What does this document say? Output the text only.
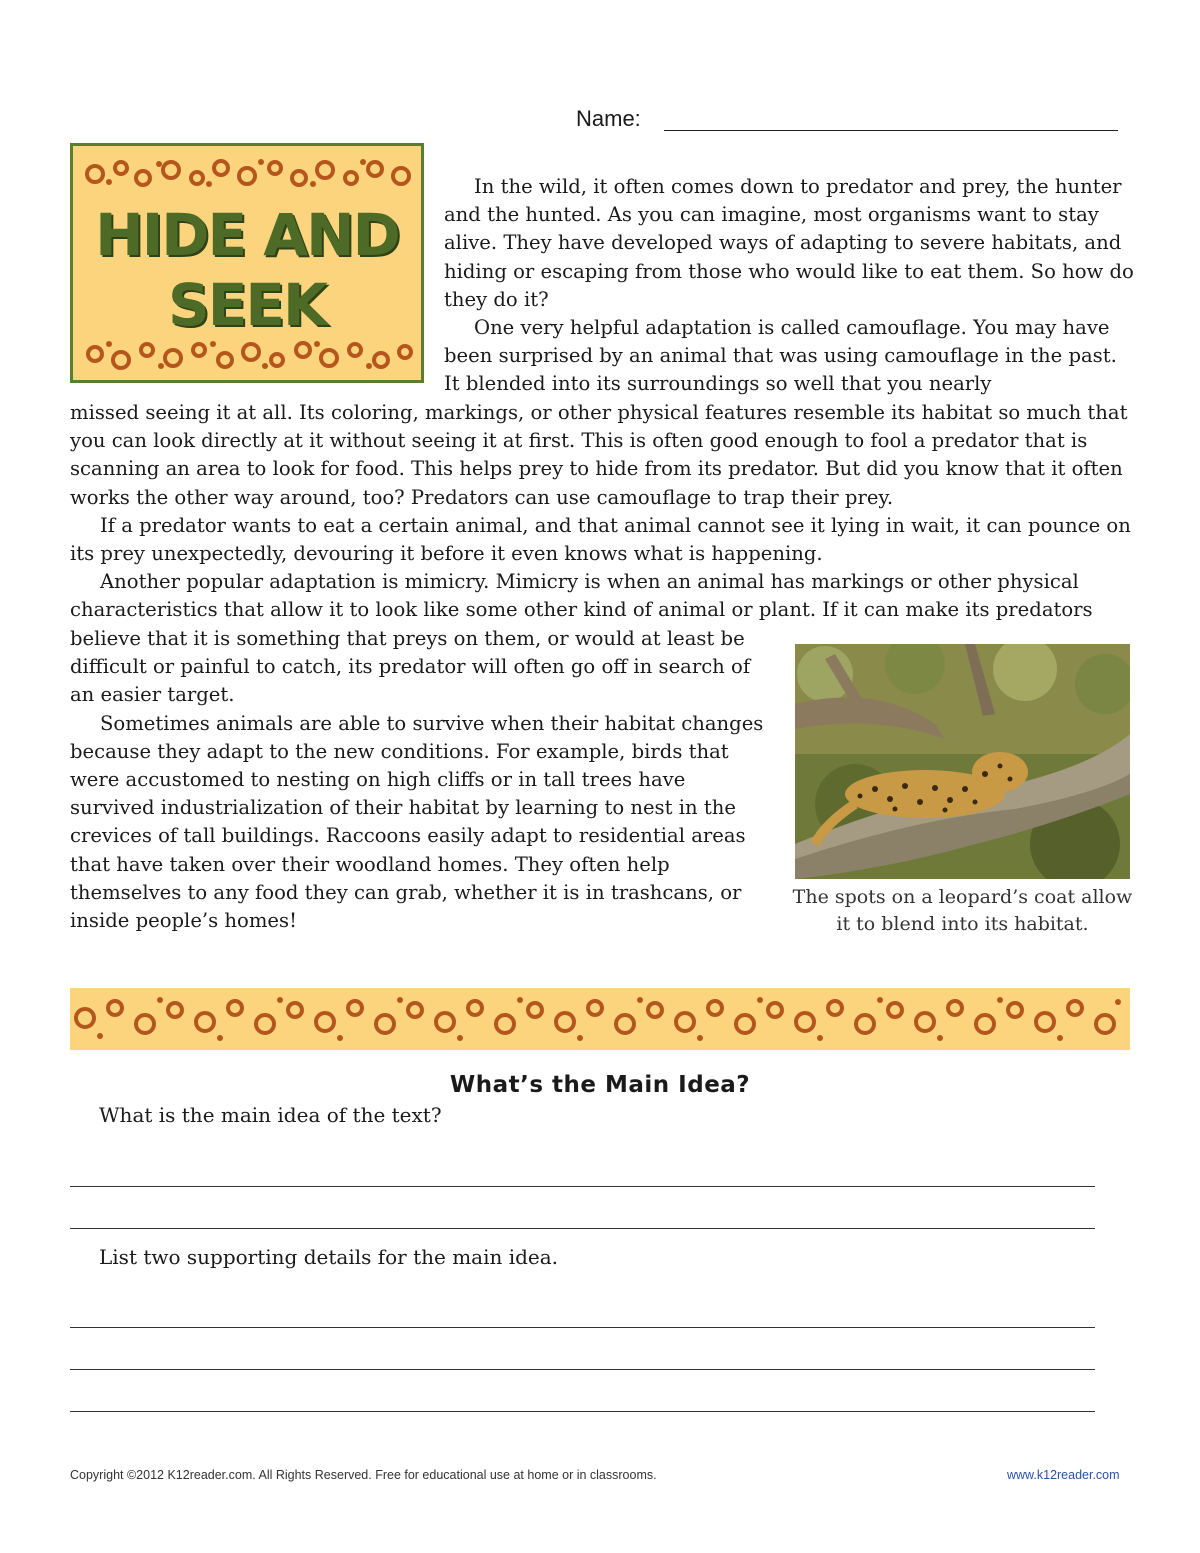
Name:
HIDE AND
SEEK

In the wild, it often comes down to predator and prey, the hunter and the hunted. As you can imagine, most organisms want to stay alive. They have developed ways of adapting to severe habitats, and hiding or escaping from those who would like to eat them. So how do they do it?

One very helpful adaptation is called camouflage. You may have been surprised by an animal that was using camouflage in the past. It blended into its surroundings so well that you nearly

missed seeing it at all. Its coloring, markings, or other physical features resemble its habitat so much that you can look directly at it without seeing it at first. This is often good enough to fool a predator that is scanning an area to look for food. This helps prey to hide from its predator. But did you know that it often works the other way around, too? Predators can use camouflage to trap their prey.

If a predator wants to eat a certain animal, and that animal cannot see it lying in wait, it can pounce on its prey unexpectedly, devouring it before it even knows what is happening.

Another popular adaptation is mimicry. Mimicry is when an animal has markings or other physical characteristics that allow it to look like some other kind of animal or plant. If it can make its predators

believe that it is something that preys on them, or would at least be difficult or painful to catch, its predator will often go off in search of an easier target.

Sometimes animals are able to survive when their habitat changes because they adapt to the new conditions. For example, birds that were accustomed to nesting on high cliffs or in tall trees have survived industrialization of their habitat by learning to nest in the crevices of tall buildings. Raccoons easily adapt to residential areas that have taken over their woodland homes. They often help themselves to any food they can grab, whether it is in trashcans, or inside people’s homes!

The spots on a leopard’s coat allow it to blend into its habitat.
What’s the Main Idea?
What is the main idea of the text?
List two supporting details for the main idea.
Copyright ©2012 K12reader.com. All Rights Reserved. Free for educational use at home or in classrooms.	www.k12reader.com
